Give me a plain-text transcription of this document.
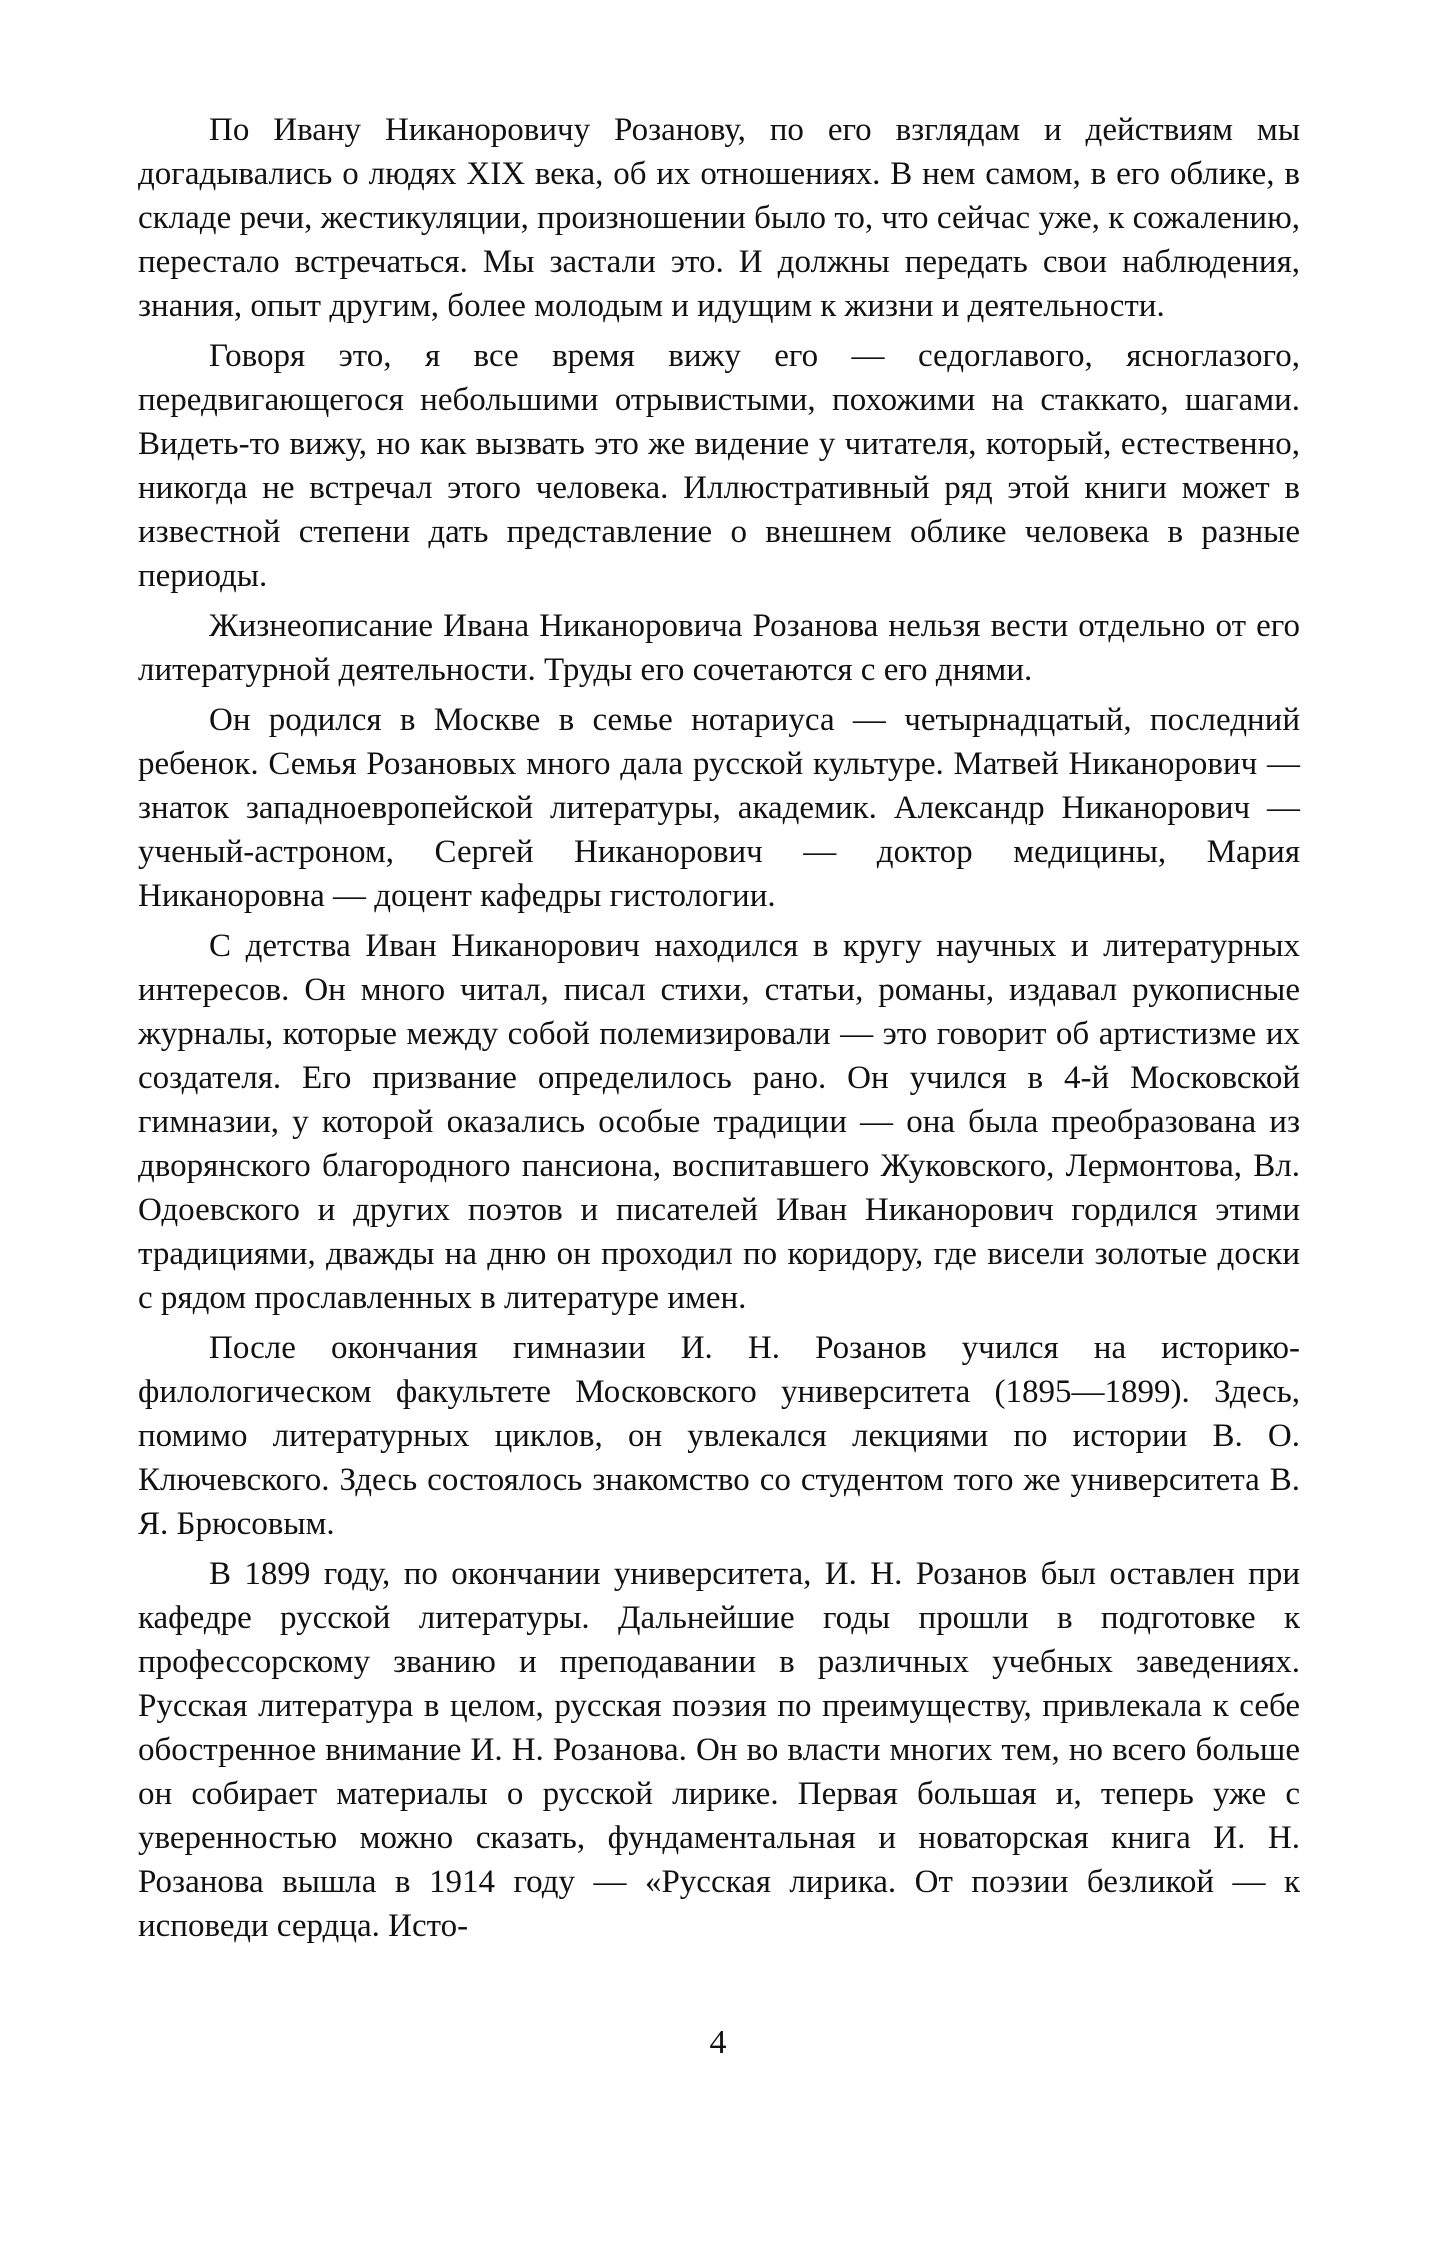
По Ивану Никаноровичу Розанову, по его взглядам и действиям мы догадывались о людях XIX века, об их отношениях. В нем самом, в его облике, в складе речи, жестикуляции, произношении было то, что сейчас уже, к сожалению, перестало встречаться. Мы застали это. И должны передать свои наблюдения, знания, опыт другим, более молодым и идущим к жизни и деятельности.

Говоря это, я все время вижу его — седоглавого, ясноглазого, передвигающегося небольшими отрывистыми, похожими на стаккато, шагами. Видеть-то вижу, но как вызвать это же видение у читателя, который, естественно, никогда не встречал этого человека. Иллюстративный ряд этой книги может в известной степени дать представление о внешнем облике человека в разные периоды.

Жизнеописание Ивана Никаноровича Розанова нельзя вести отдельно от его литературной деятельности. Труды его сочетаются с его днями.

Он родился в Москве в семье нотариуса — четырнадцатый, последний ребенок. Семья Розановых много дала русской культуре. Матвей Никанорович — знаток западноевропейской литературы, академик. Александр Никанорович — ученый-астроном, Сергей Никанорович — доктор медицины, Мария Никаноровна — доцент кафедры гистологии.

С детства Иван Никанорович находился в кругу научных и литературных интересов. Он много читал, писал стихи, статьи, романы, издавал рукописные журналы, которые между собой полемизировали — это говорит об артистизме их создателя. Его призвание определилось рано. Он учился в 4-й Московской гимназии, у которой оказались особые традиции — она была преобразована из дворянского благородного пансиона, воспитавшего Жуковского, Лермонтова, Вл. Одоевского и других поэтов и писателей Иван Никанорович гордился этими традициями, дважды на дню он проходил по коридору, где висели золотые доски с рядом прославленных в литературе имен.

После окончания гимназии И. Н. Розанов учился на историко-филологическом факультете Московского университета (1895—1899). Здесь, помимо литературных циклов, он увлекался лекциями по истории В. О. Ключевского. Здесь состоялось знакомство со студентом того же университета В. Я. Брюсовым.

В 1899 году, по окончании университета, И. Н. Розанов был оставлен при кафедре русской литературы. Дальнейшие годы прошли в подготовке к профессорскому званию и преподавании в различных учебных заведениях. Русская литература в целом, русская поэзия по преимуществу, привлекала к себе обостренное внимание И. Н. Розанова. Он во власти многих тем, но всего больше он собирает материалы о русской лирике. Первая большая и, теперь уже с уверенностью можно сказать, фундаментальная и новаторская книга И. Н. Розанова вышла в 1914 году — «Русская лирика. От поэзии безликой — к исповеди сердца. Исто-

4
